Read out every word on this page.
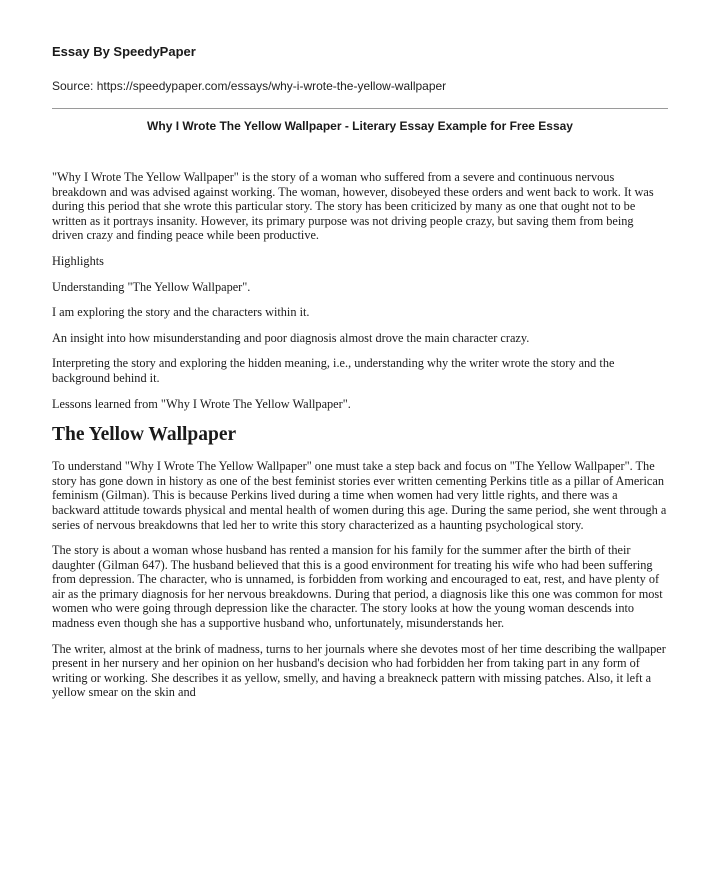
Essay By SpeedyPaper

Source: https://speedypaper.com/essays/why-i-wrote-the-yellow-wallpaper

Why I Wrote The Yellow Wallpaper - Literary Essay Example for Free Essay

"Why I Wrote The Yellow Wallpaper" is the story of a woman who suffered from a severe and continuous nervous breakdown and was advised against working. The woman, however, disobeyed these orders and went back to work. It was during this period that she wrote this particular story. The story has been criticized by many as one that ought not to be written as it portrays insanity. However, its primary purpose was not driving people crazy, but saving them from being driven crazy and finding peace while been productive.

Highlights

Understanding "The Yellow Wallpaper".

I am exploring the story and the characters within it.

An insight into how misunderstanding and poor diagnosis almost drove the main character crazy.

Interpreting the story and exploring the hidden meaning, i.e., understanding why the writer wrote the story and the background behind it.

Lessons learned from "Why I Wrote The Yellow Wallpaper".

The Yellow Wallpaper

To understand "Why I Wrote The Yellow Wallpaper" one must take a step back and focus on "The Yellow Wallpaper". The story has gone down in history as one of the best feminist stories ever written cementing Perkins title as a pillar of American feminism (Gilman). This is because Perkins lived during a time when women had very little rights, and there was a backward attitude towards physical and mental health of women during this age. During the same period, she went through a series of nervous breakdowns that led her to write this story characterized as a haunting psychological story.

The story is about a woman whose husband has rented a mansion for his family for the summer after the birth of their daughter (Gilman 647). The husband believed that this is a good environment for treating his wife who had been suffering from depression. The character, who is unnamed, is forbidden from working and encouraged to eat, rest, and have plenty of air as the primary diagnosis for her nervous breakdowns. During that period, a diagnosis like this one was common for most women who were going through depression like the character. The story looks at how the young woman descends into madness even though she has a supportive husband who, unfortunately, misunderstands her.

The writer, almost at the brink of madness, turns to her journals where she devotes most of her time describing the wallpaper present in her nursery and her opinion on her husband's decision who had forbidden her from taking part in any form of writing or working. She describes it as yellow, smelly, and having a breakneck pattern with missing patches. Also, it left a yellow smear on the skin and
